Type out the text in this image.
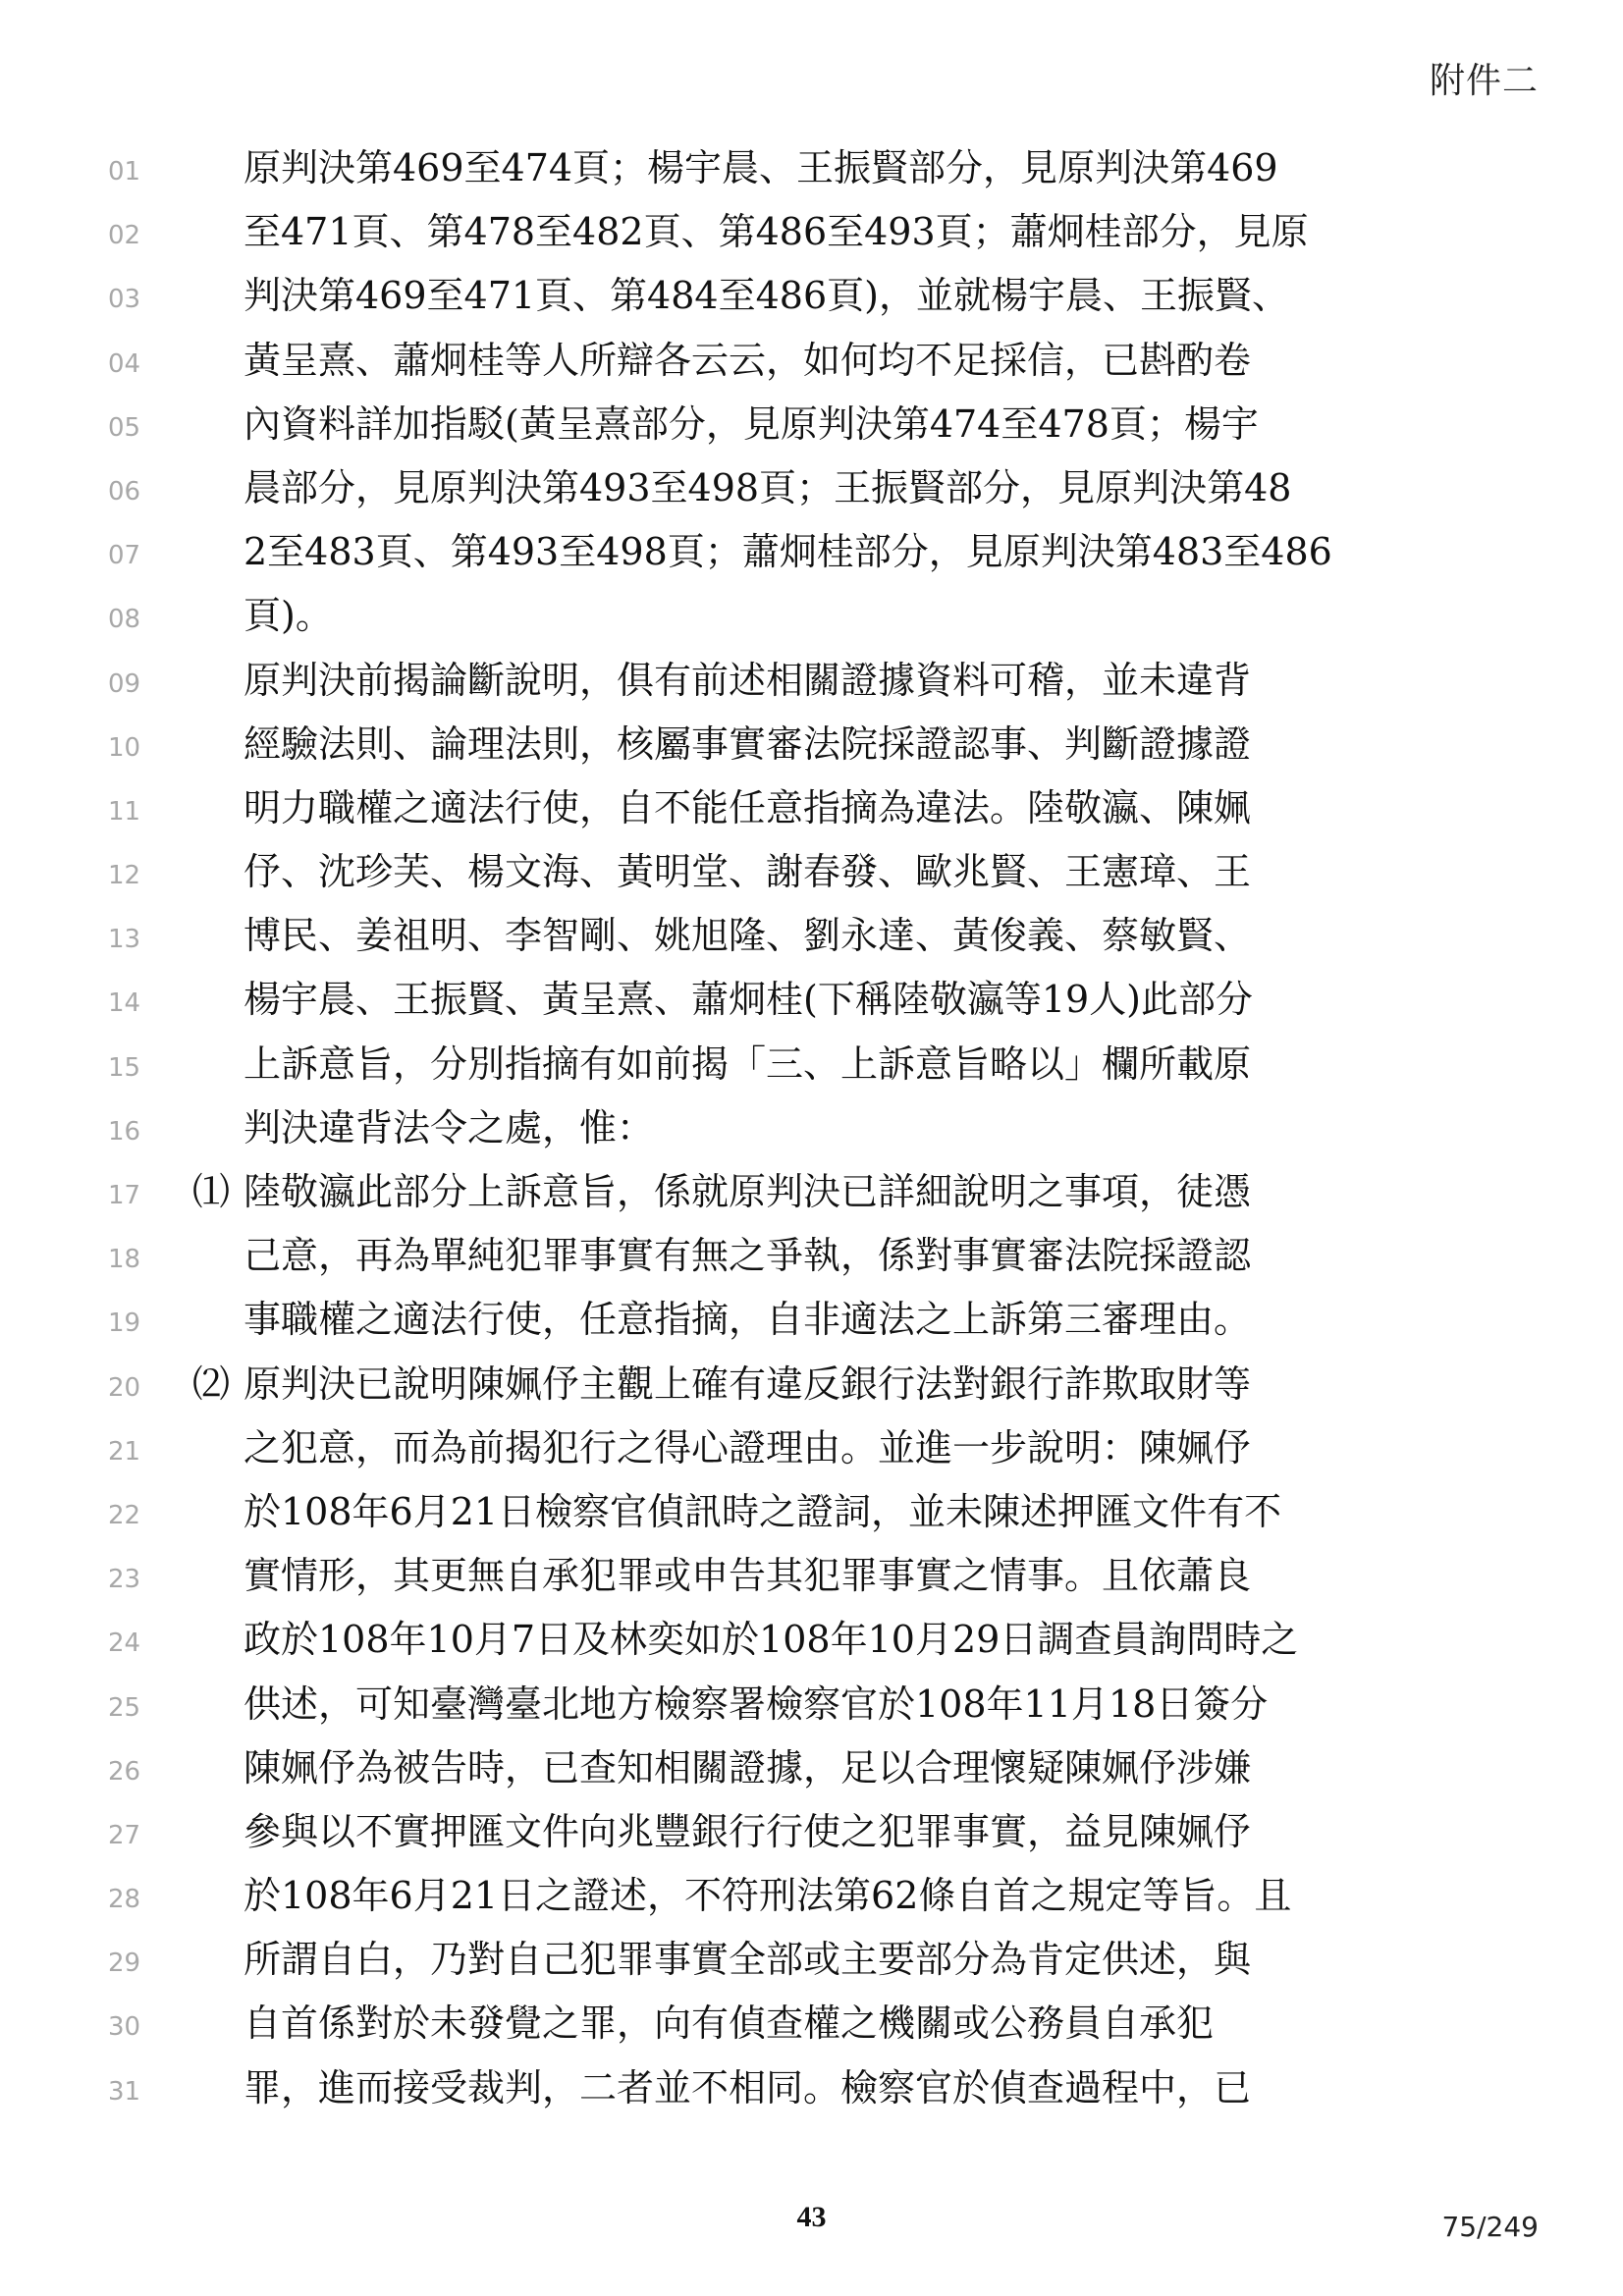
附件二
01	原判決第469至474頁；楊宇晨、王振賢部分，見原判決第469
02	至471頁、第478至482頁、第486至493頁；蕭炯桂部分，見原
03	判決第469至471頁、第484至486頁)，並就楊宇晨、王振賢、
04	黃呈熹、蕭炯桂等人所辯各云云，如何均不足採信，已斟酌卷
05	內資料詳加指駁(黃呈熹部分，見原判決第474至478頁；楊宇
06	晨部分，見原判決第493至498頁；王振賢部分，見原判決第48
07	2至483頁、第493至498頁；蕭炯桂部分，見原判決第483至486
08	頁)。
09	原判決前揭論斷說明，俱有前述相關證據資料可稽，並未違背
10	經驗法則、論理法則，核屬事實審法院採證認事、判斷證據證
11	明力職權之適法行使，自不能任意指摘為違法。陸敬瀛、陳姵
12	伃、沈珍芙、楊文海、黃明堂、謝春發、歐兆賢、王憲璋、王
13	博民、姜祖明、李智剛、姚旭隆、劉永達、黃俊義、蔡敏賢、
14	楊宇晨、王振賢、黃呈熹、蕭炯桂(下稱陸敬瀛等19人)此部分
15	上訴意旨，分別指摘有如前揭「三、上訴意旨略以」欄所載原
16	判決違背法令之處，惟：
17	⑴ 陸敬瀛此部分上訴意旨，係就原判決已詳細說明之事項，徒憑
18	己意，再為單純犯罪事實有無之爭執，係對事實審法院採證認
19	事職權之適法行使，任意指摘，自非適法之上訴第三審理由。
20	⑵ 原判決已說明陳姵伃主觀上確有違反銀行法對銀行詐欺取財等
21	之犯意，而為前揭犯行之得心證理由。並進一步說明：陳姵伃
22	於108年6月21日檢察官偵訊時之證詞，並未陳述押匯文件有不
23	實情形，其更無自承犯罪或申告其犯罪事實之情事。且依蕭良
24	政於108年10月7日及林奕如於108年10月29日調查員詢問時之
25	供述，可知臺灣臺北地方檢察署檢察官於108年11月18日簽分
26	陳姵伃為被告時，已查知相關證據，足以合理懷疑陳姵伃涉嫌
27	參與以不實押匯文件向兆豐銀行行使之犯罪事實，益見陳姵伃
28	於108年6月21日之證述，不符刑法第62條自首之規定等旨。且
29	所謂自白，乃對自己犯罪事實全部或主要部分為肯定供述，與
30	自首係對於未發覺之罪，向有偵查權之機關或公務員自承犯
31	罪，進而接受裁判，二者並不相同。檢察官於偵查過程中，已
43	75/249
